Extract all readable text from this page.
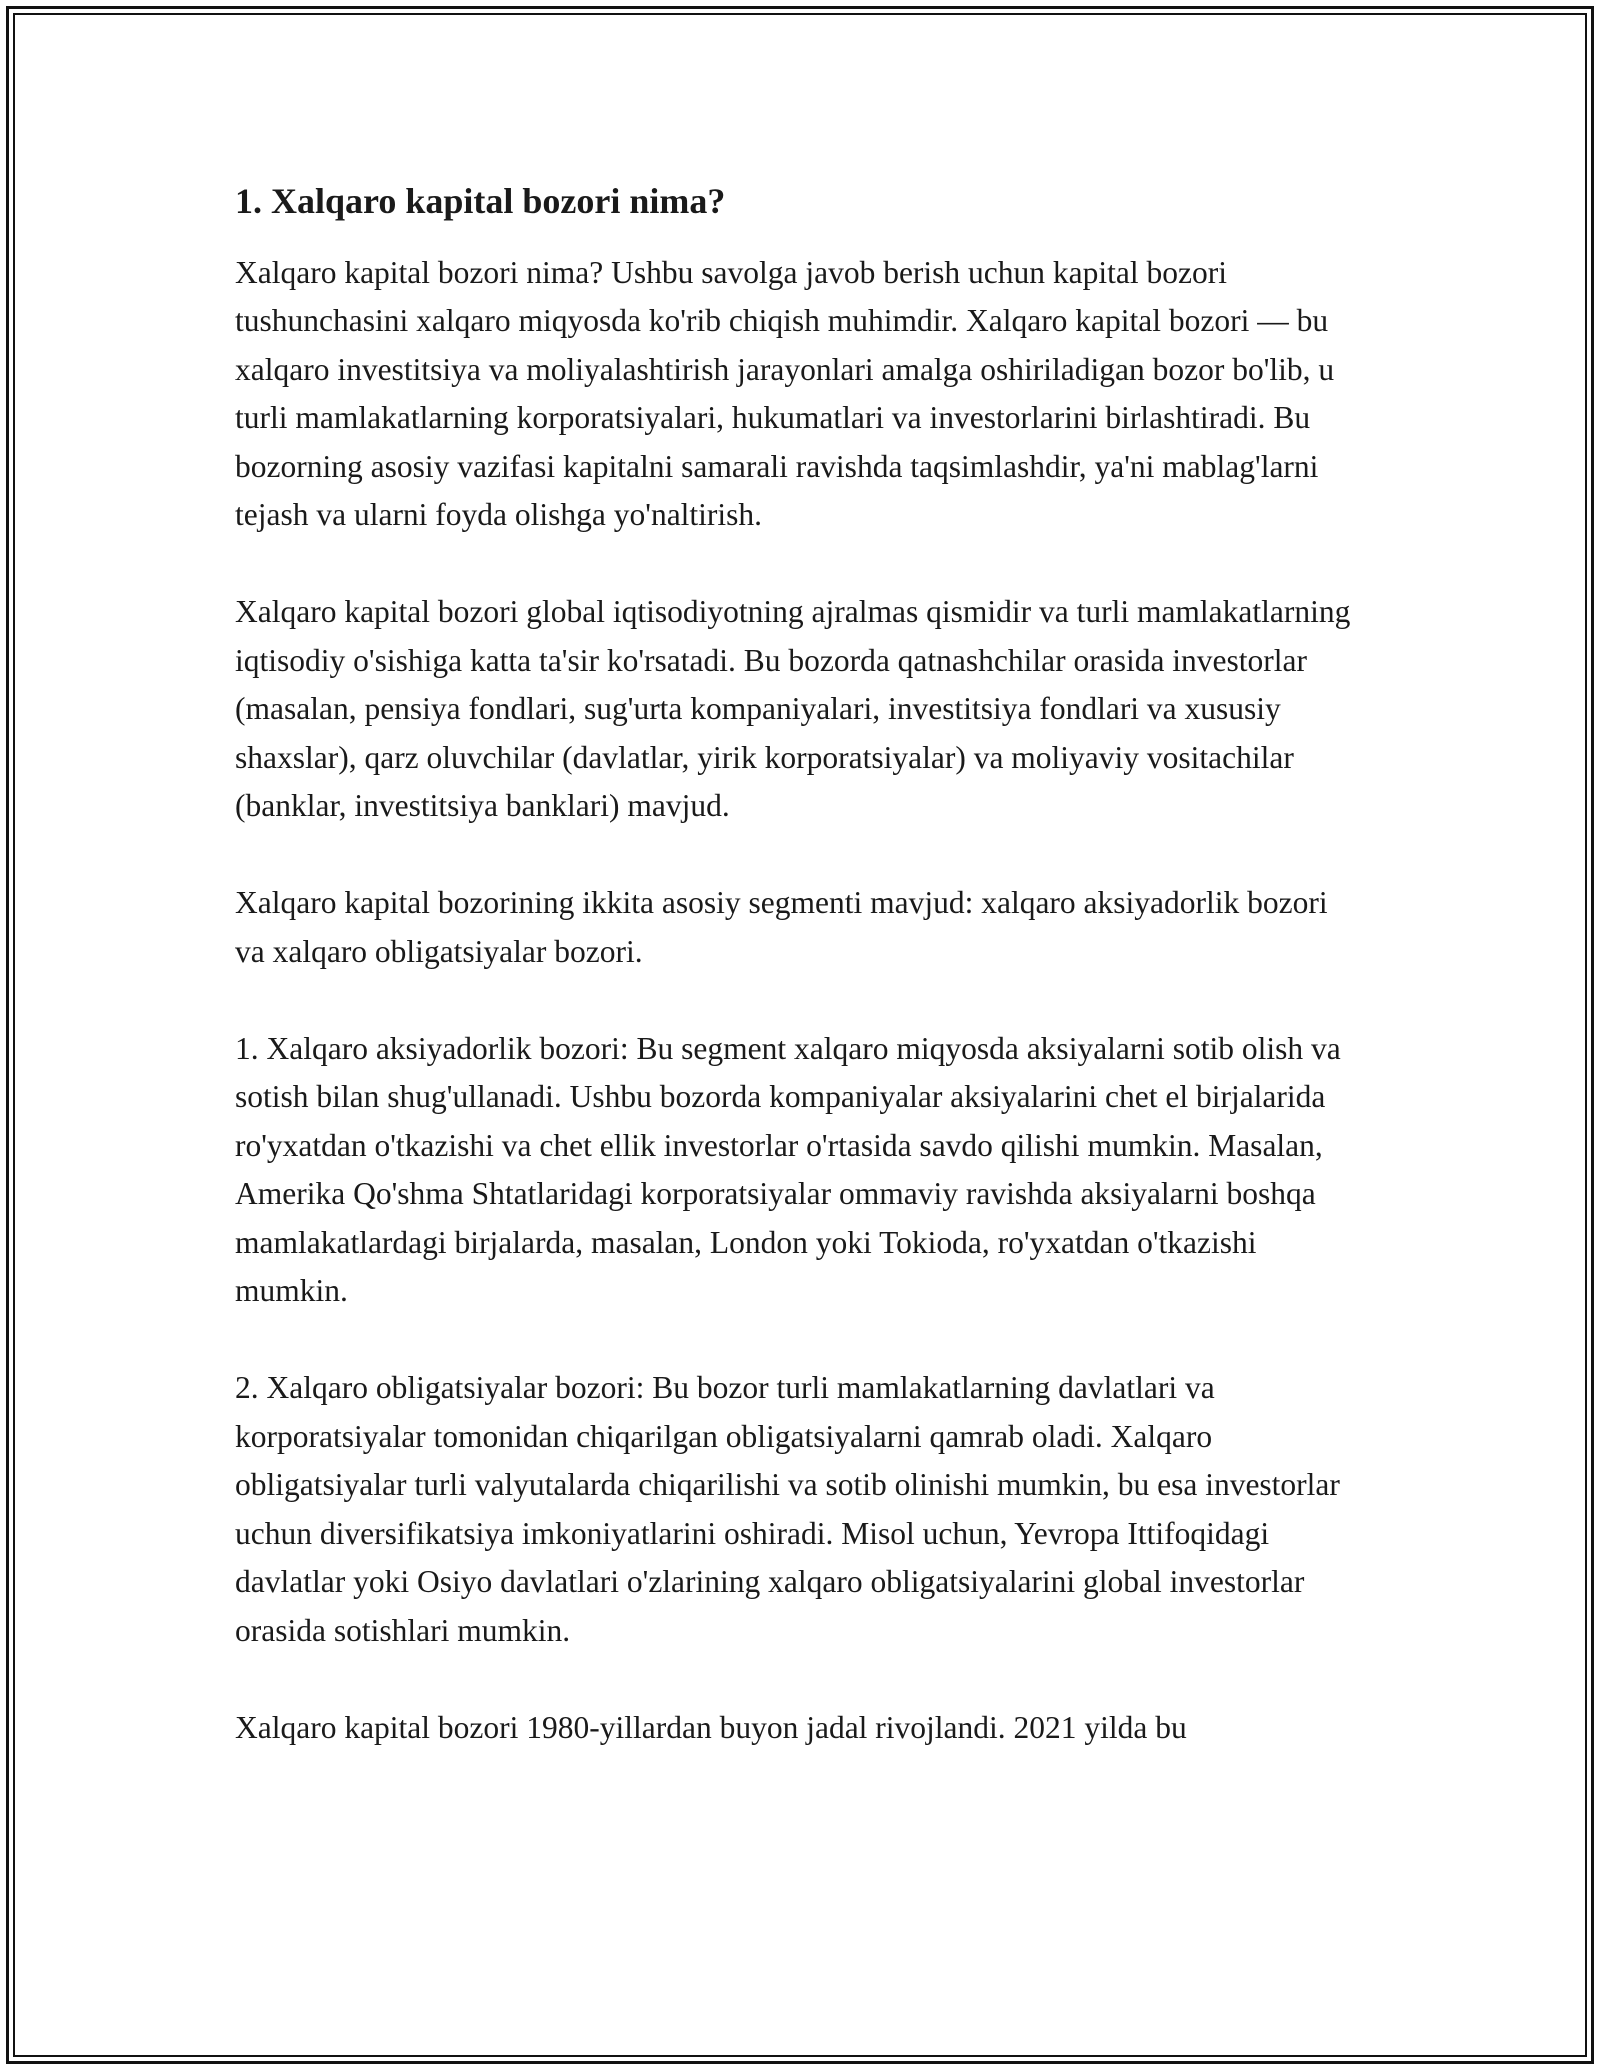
1. Xalqaro kapital bozori nima?

Xalqaro kapital bozori nima? Ushbu savolga javob berish uchun kapital bozori tushunchasini xalqaro miqyosda ko'rib chiqish muhimdir. Xalqaro kapital bozori — bu xalqaro investitsiya va moliyalashtirish jarayonlari amalga oshiriladigan bozor bo'lib, u turli mamlakatlarning korporatsiyalari, hukumatlari va investorlarini birlashtiradi. Bu bozorning asosiy vazifasi kapitalni samarali ravishda taqsimlashdir, ya'ni mablag'larni tejash va ularni foyda olishga yo'naltirish.

Xalqaro kapital bozori global iqtisodiyotning ajralmas qismidir va turli mamlakatlarning iqtisodiy o'sishiga katta ta'sir ko'rsatadi. Bu bozorda qatnashchilar orasida investorlar (masalan, pensiya fondlari, sug'urta kompaniyalari, investitsiya fondlari va xususiy shaxslar), qarz oluvchilar (davlatlar, yirik korporatsiyalar) va moliyaviy vositachilar (banklar, investitsiya banklari) mavjud.

Xalqaro kapital bozorining ikkita asosiy segmenti mavjud: xalqaro aksiyadorlik bozori va xalqaro obligatsiyalar bozori.

1. Xalqaro aksiyadorlik bozori: Bu segment xalqaro miqyosda aksiyalarni sotib olish va sotish bilan shug'ullanadi. Ushbu bozorda kompaniyalar aksiyalarini chet el birjalarida ro'yxatdan o'tkazishi va chet ellik investorlar o'rtasida savdo qilishi mumkin. Masalan, Amerika Qo'shma Shtatlaridagi korporatsiyalar ommaviy ravishda aksiyalarni boshqa mamlakatlardagi birjalarda, masalan, London yoki Tokioda, ro'yxatdan o'tkazishi mumkin.

2. Xalqaro obligatsiyalar bozori: Bu bozor turli mamlakatlarning davlatlari va korporatsiyalar tomonidan chiqarilgan obligatsiyalarni qamrab oladi. Xalqaro obligatsiyalar turli valyutalarda chiqarilishi va sotib olinishi mumkin, bu esa investorlar uchun diversifikatsiya imkoniyatlarini oshiradi. Misol uchun, Yevropa Ittifoqidagi davlatlar yoki Osiyo davlatlari o'zlarining xalqaro obligatsiyalarini global investorlar orasida sotishlari mumkin.

Xalqaro kapital bozori 1980-yillardan buyon jadal rivojlandi. 2021 yilda bu
